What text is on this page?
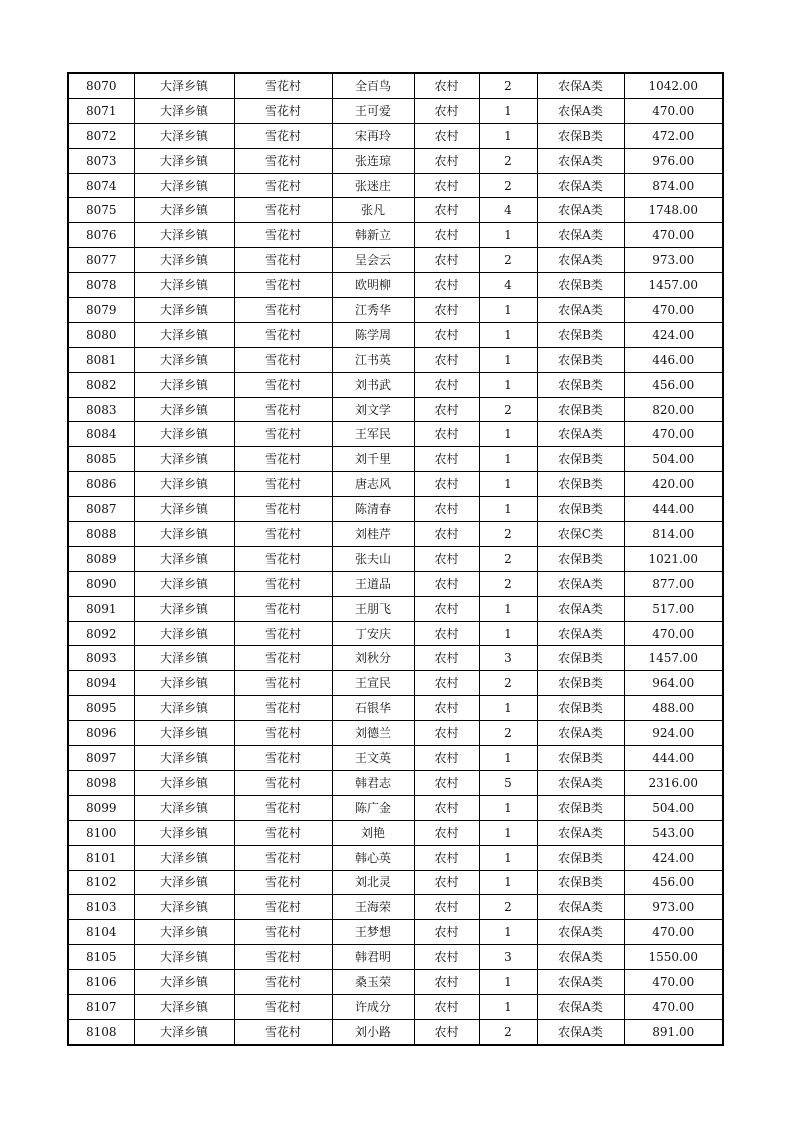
8070	大泽乡镇	雪花村	全百鸟	农村	2	农保A类	1042.00
8071	大泽乡镇	雪花村	王可爱	农村	1	农保A类	470.00
8072	大泽乡镇	雪花村	宋再玲	农村	1	农保B类	472.00
8073	大泽乡镇	雪花村	张连琼	农村	2	农保A类	976.00
8074	大泽乡镇	雪花村	张迷庄	农村	2	农保A类	874.00
8075	大泽乡镇	雪花村	张凡	农村	4	农保A类	1748.00
8076	大泽乡镇	雪花村	韩新立	农村	1	农保A类	470.00
8077	大泽乡镇	雪花村	呈会云	农村	2	农保A类	973.00
8078	大泽乡镇	雪花村	欧明柳	农村	4	农保B类	1457.00
8079	大泽乡镇	雪花村	江秀华	农村	1	农保A类	470.00
8080	大泽乡镇	雪花村	陈学周	农村	1	农保B类	424.00
8081	大泽乡镇	雪花村	江书英	农村	1	农保B类	446.00
8082	大泽乡镇	雪花村	刘书武	农村	1	农保B类	456.00
8083	大泽乡镇	雪花村	刘文学	农村	2	农保B类	820.00
8084	大泽乡镇	雪花村	王军民	农村	1	农保A类	470.00
8085	大泽乡镇	雪花村	刘千里	农村	1	农保B类	504.00
8086	大泽乡镇	雪花村	唐志风	农村	1	农保B类	420.00
8087	大泽乡镇	雪花村	陈清春	农村	1	农保B类	444.00
8088	大泽乡镇	雪花村	刘桂芹	农村	2	农保C类	814.00
8089	大泽乡镇	雪花村	张夫山	农村	2	农保B类	1021.00
8090	大泽乡镇	雪花村	王道品	农村	2	农保A类	877.00
8091	大泽乡镇	雪花村	王朋飞	农村	1	农保A类	517.00
8092	大泽乡镇	雪花村	丁安庆	农村	1	农保A类	470.00
8093	大泽乡镇	雪花村	刘秋分	农村	3	农保B类	1457.00
8094	大泽乡镇	雪花村	王宣民	农村	2	农保B类	964.00
8095	大泽乡镇	雪花村	石银华	农村	1	农保B类	488.00
8096	大泽乡镇	雪花村	刘德兰	农村	2	农保A类	924.00
8097	大泽乡镇	雪花村	王文英	农村	1	农保B类	444.00
8098	大泽乡镇	雪花村	韩君志	农村	5	农保A类	2316.00
8099	大泽乡镇	雪花村	陈广金	农村	1	农保B类	504.00
8100	大泽乡镇	雪花村	刘艳	农村	1	农保A类	543.00
8101	大泽乡镇	雪花村	韩心英	农村	1	农保B类	424.00
8102	大泽乡镇	雪花村	刘北灵	农村	1	农保B类	456.00
8103	大泽乡镇	雪花村	王海荣	农村	2	农保A类	973.00
8104	大泽乡镇	雪花村	王梦想	农村	1	农保A类	470.00
8105	大泽乡镇	雪花村	韩君明	农村	3	农保A类	1550.00
8106	大泽乡镇	雪花村	桑玉荣	农村	1	农保A类	470.00
8107	大泽乡镇	雪花村	许成分	农村	1	农保A类	470.00
8108	大泽乡镇	雪花村	刘小路	农村	2	农保A类	891.00
